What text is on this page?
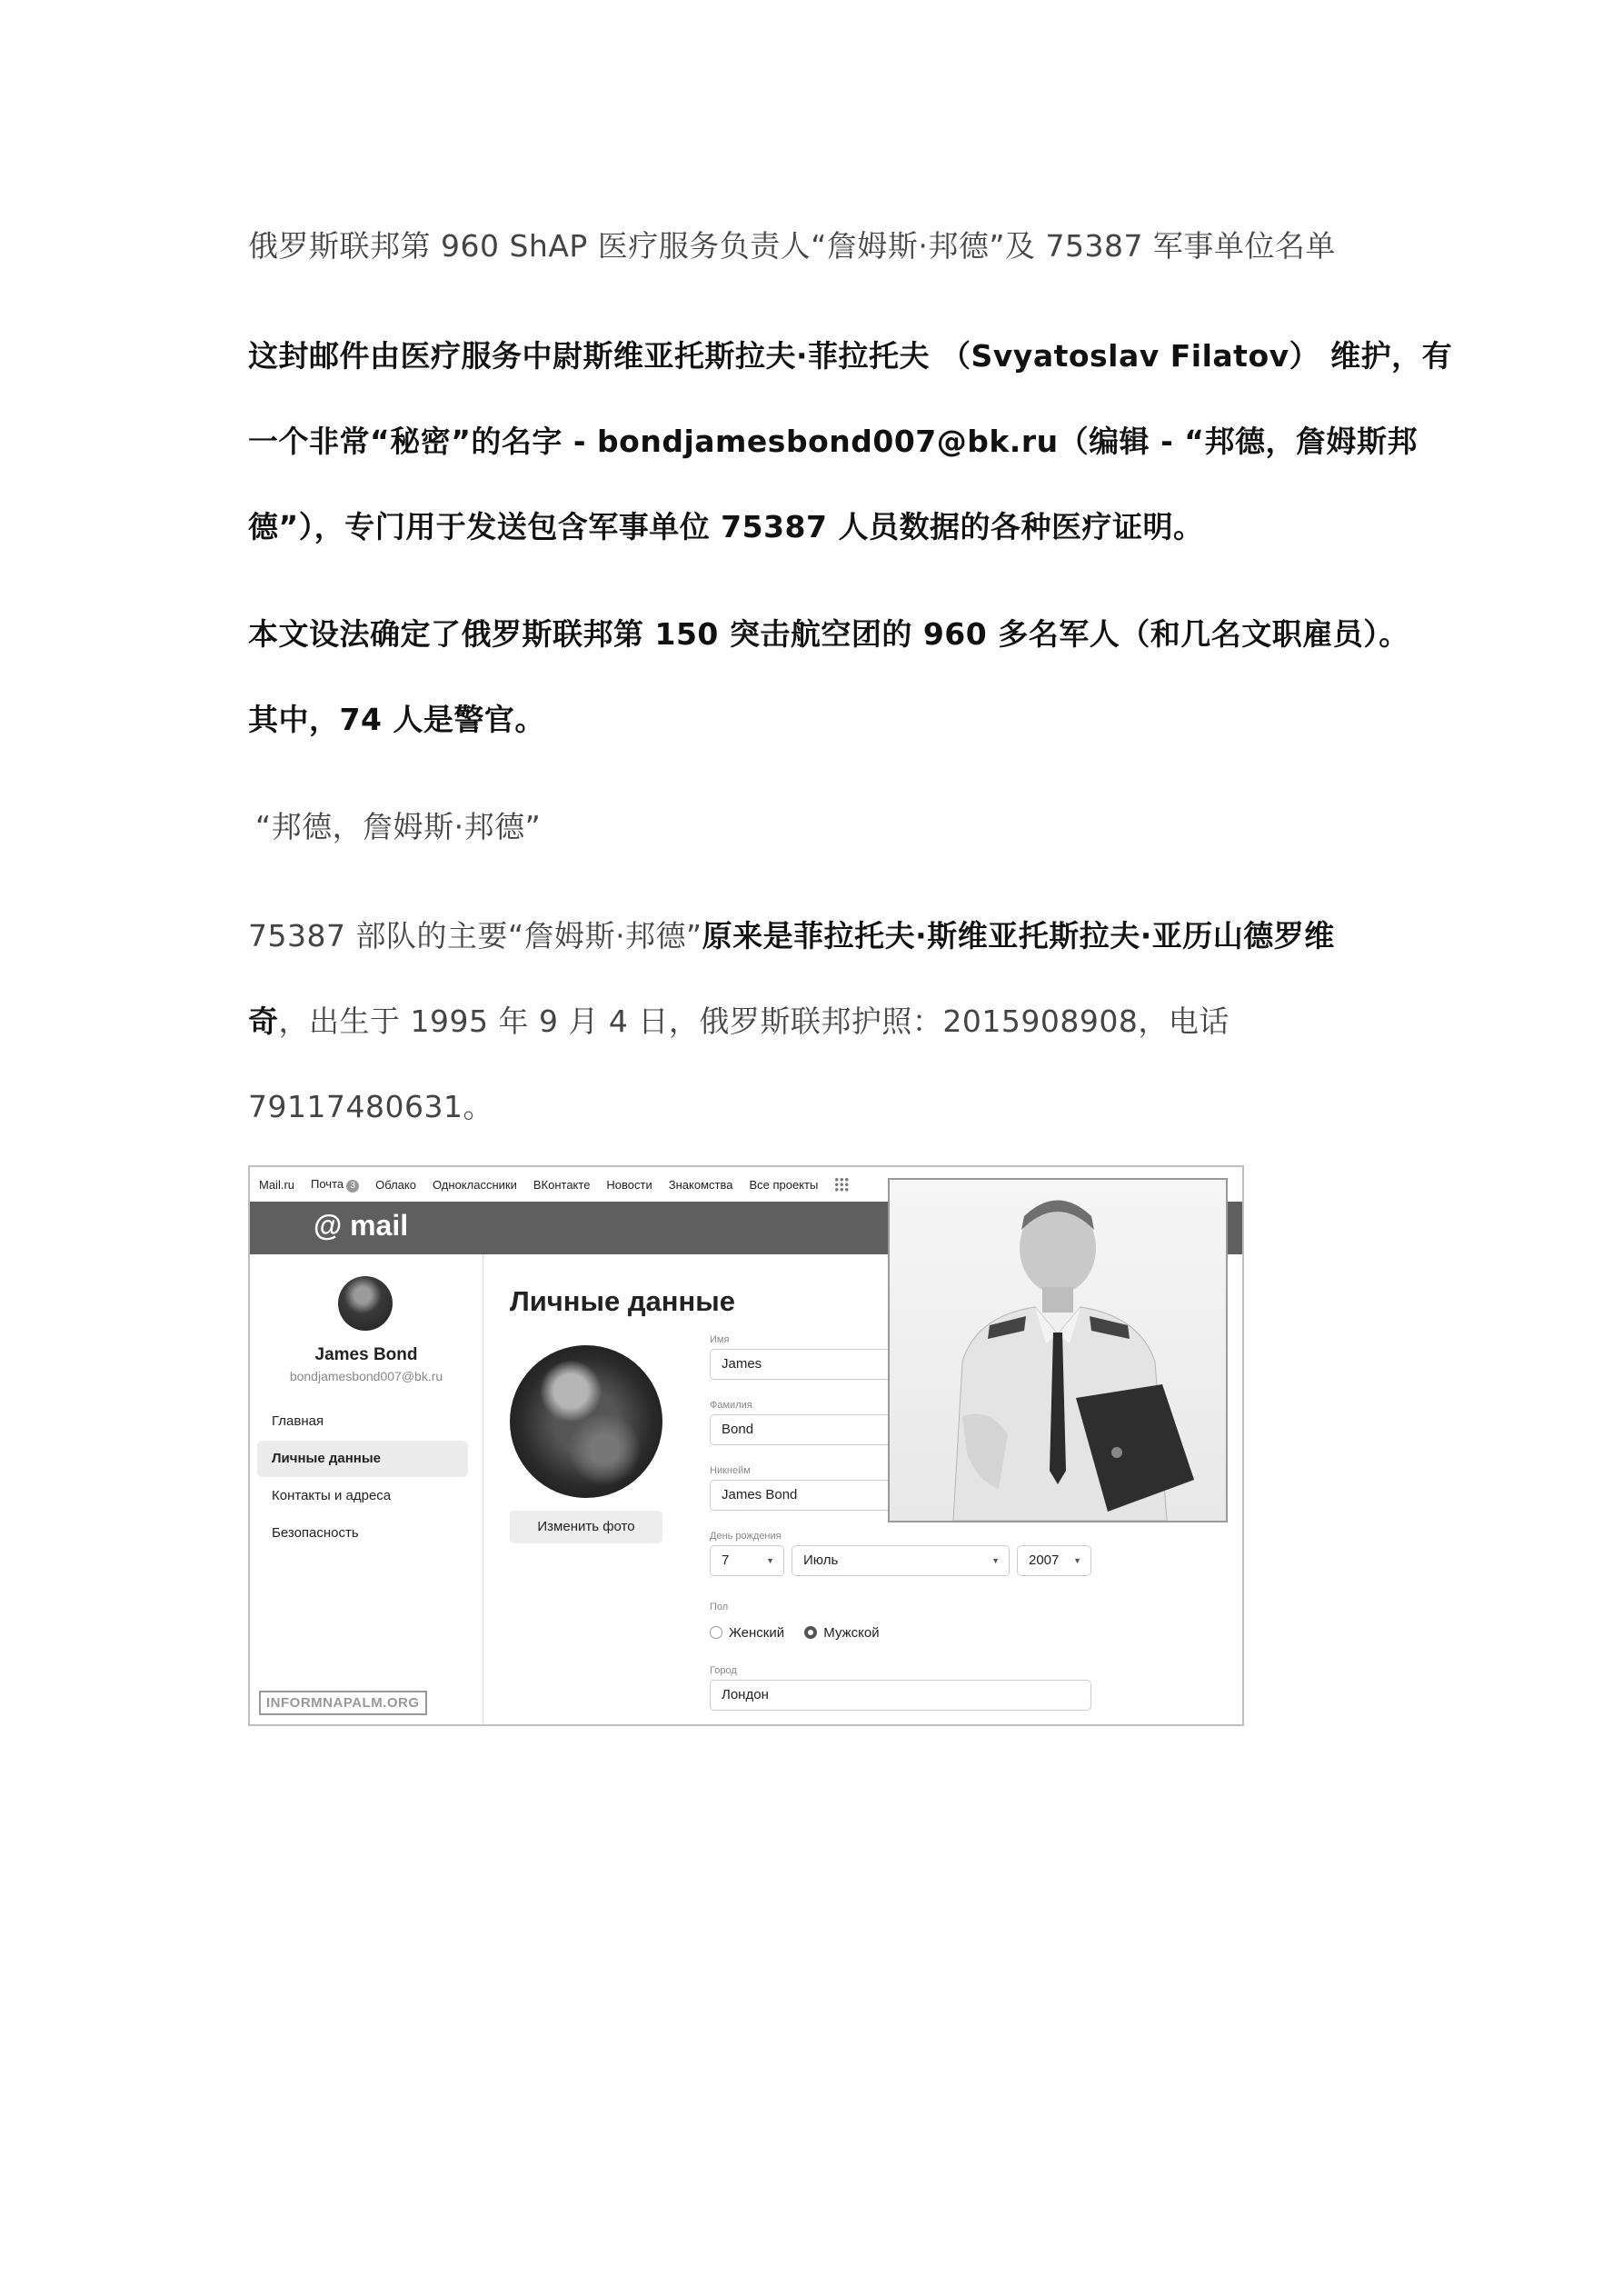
俄罗斯联邦第 960 ShAP 医疗服务负责人“詹姆斯·邦德”及 75387 军事单位名单
这封邮件由医疗服务中尉斯维亚托斯拉夫·菲拉托夫 （Svyatoslav Filatov） 维护，有
一个非常“秘密”的名字 - bondjamesbond007@bk.ru（编辑 - “邦德，詹姆斯邦
德”），专门用于发送包含军事单位 75387 人员数据的各种医疗证明。
本文设法确定了俄罗斯联邦第 150 突击航空团的 960 多名军人（和几名文职雇员）。
其中，74 人是警官。
“邦德，詹姆斯·邦德”
75387 部队的主要“詹姆斯·邦德”原来是菲拉托夫·斯维亚托斯拉夫·亚历山德罗维
奇，出生于 1995 年 9 月 4 日，俄罗斯联邦护照：2015908908，电话
79117480631。
Mail.ru Почта 3	Облако Одноклассники ВКонтакте Новости Знакомства Все проекты
@ mail
James Bond
bondjamesbond007@bk.ru
Главная
Личные данные
Контакты и адреса
Безопасность
INFORMNAPALM.ORG
Личные данные
Изменить фото
Имя
James
Фамилия
Bond
Никнейм
James Bond
День рождения
7	▼	Июль	▼	2007 ▼
Пол
Женский	Мужской
Город
Лондон
